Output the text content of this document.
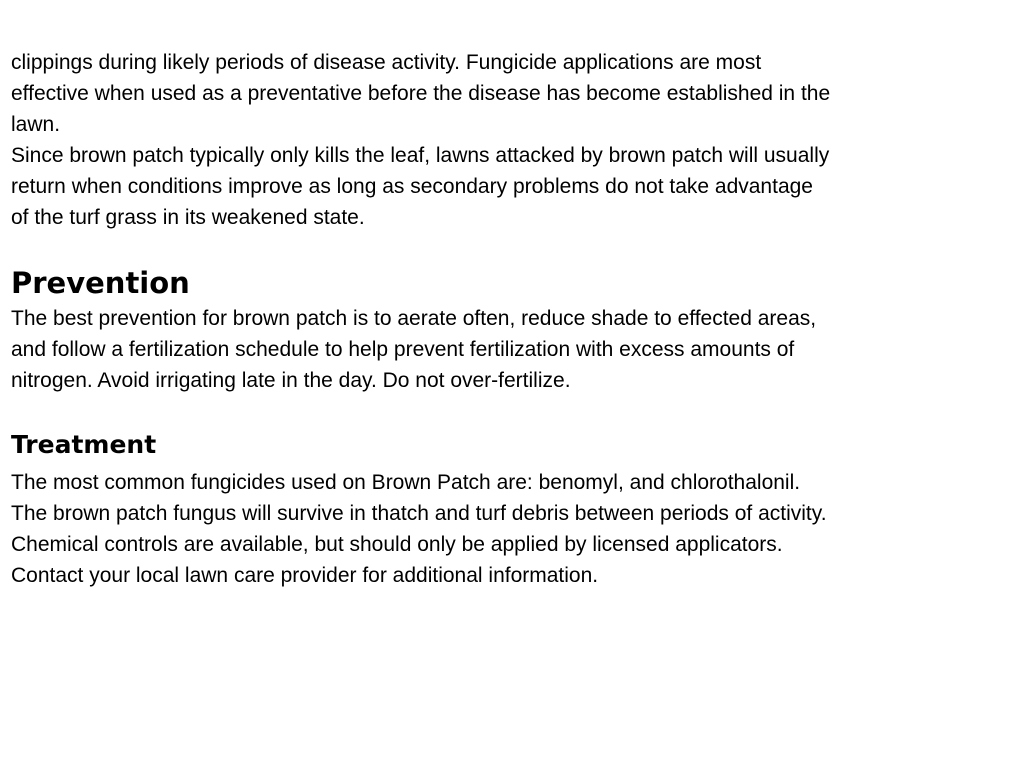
clippings during likely periods of disease activity. Fungicide applications are most

effective when used as a preventative before the disease has become established in the

lawn.

Since brown patch typically only kills the leaf, lawns attacked by brown patch will usually

return when conditions improve as long as secondary problems do not take advantage

of the turf grass in its weakened state.

Prevention

The best prevention for brown patch is to aerate often, reduce shade to effected areas,

and follow a fertilization schedule to help prevent fertilization with excess amounts of

nitrogen. Avoid irrigating late in the day. Do not over-fertilize.

Treatment

The most common fungicides used on Brown Patch are: benomyl, and chlorothalonil.

The brown patch fungus will survive in thatch and turf debris between periods of activity.

Chemical controls are available, but should only be applied by licensed applicators.

Contact your local lawn care provider for additional information.
